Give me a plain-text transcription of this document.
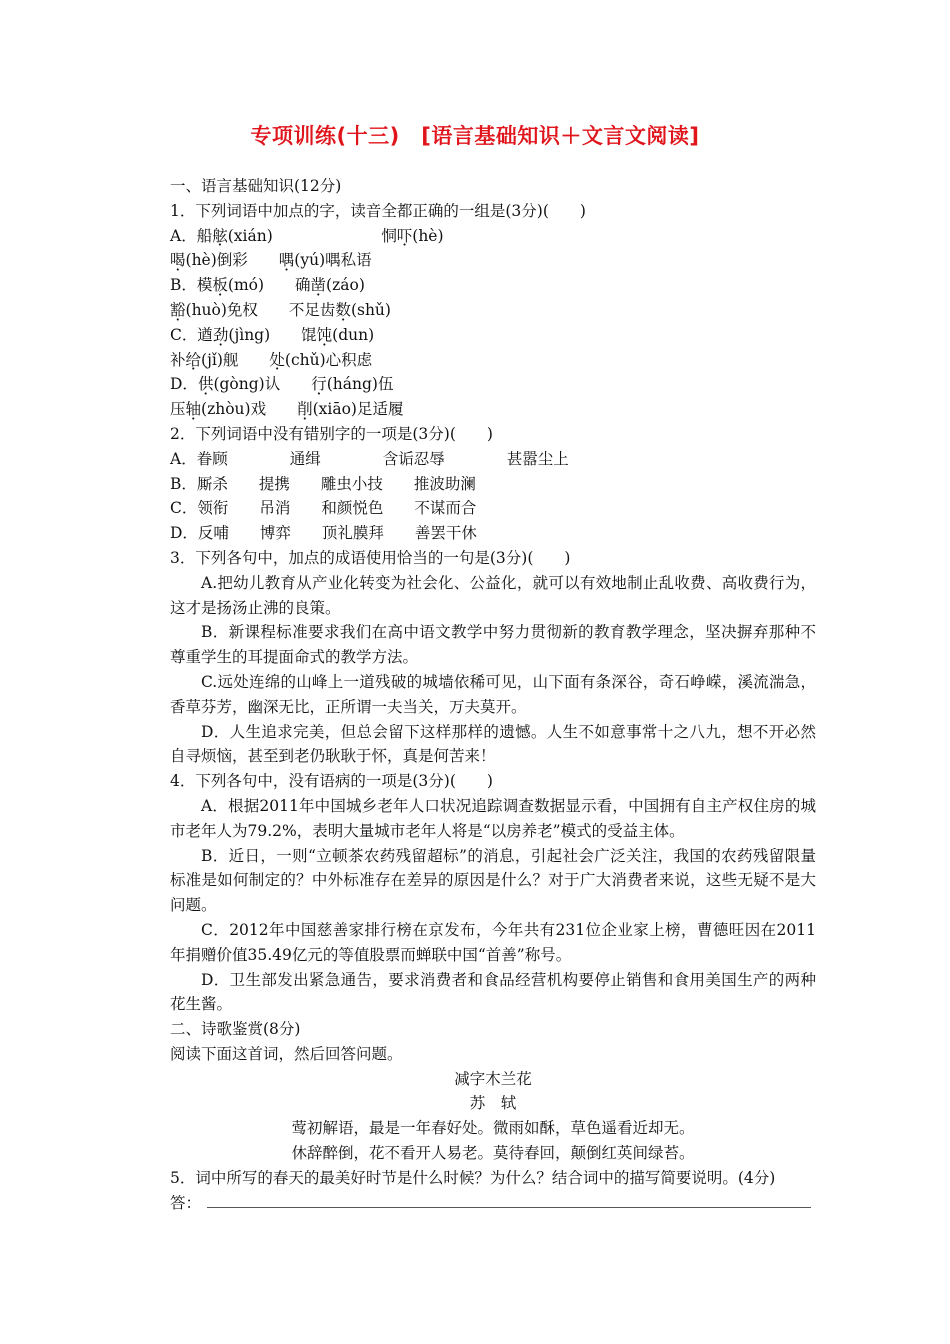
专项训练(十三)　[语言基础知识＋文言文阅读]
一、语言基础知识(12分)
1．下列词语中加点的字，读音全都正确的一组是(3分)(　　)
A．船舷(xián)　　　　　　　恫吓(hè)
喝(hè)倒彩　　喁(yú)喁私语
B．模板(mó)　　确凿(záo)
豁(huò)免权　　不足齿数(shǔ)
C．遒劲(jìng)　　馄饨(dun)
补给(jǐ)舰　　处(chǔ)心积虑
D．供(gòng)认　　行(háng)伍
压轴(zhòu)戏　　削(xiāo)足适履
2．下列词语中没有错别字的一项是(3分)(　　)
A．眷顾　　　　通缉　　　　含诟忍辱　　　　甚嚣尘上
B．厮杀　　提携　　雕虫小技　　推波助澜
C．领衔　　吊消　　和颜悦色　　不谋而合
D．反哺　　博弈　　顶礼膜拜　　善罢干休
3．下列各句中，加点的成语使用恰当的一句是(3分)(　　)
A.把幼儿教育从产业化转变为社会化、公益化，就可以有效地制止乱收费、高收费行为，这才是扬汤止沸的良策。
B．新课程标准要求我们在高中语文教学中努力贯彻新的教育教学理念，坚决摒弃那种不尊重学生的耳提面命式的教学方法。
C.远处连绵的山峰上一道残破的城墙依稀可见，山下面有条深谷，奇石峥嵘，溪流湍急，香草芬芳，幽深无比，正所谓一夫当关，万夫莫开。
D．人生追求完美，但总会留下这样那样的遗憾。人生不如意事常十之八九，想不开必然自寻烦恼，甚至到老仍耿耿于怀，真是何苦来！
4．下列各句中，没有语病的一项是(3分)(　　)
A．根据2011年中国城乡老年人口状况追踪调查数据显示看，中国拥有自主产权住房的城市老年人为79.2%，表明大量城市老年人将是“以房养老”模式的受益主体。
B．近日，一则“立顿茶农药残留超标”的消息，引起社会广泛关注，我国的农药残留限量标准是如何制定的？中外标准存在差异的原因是什么？对于广大消费者来说，这些无疑不是大问题。
C．2012年中国慈善家排行榜在京发布，今年共有231位企业家上榜，曹德旺因在2011年捐赠价值35.49亿元的等值股票而蝉联中国“首善”称号。
D．卫生部发出紧急通告，要求消费者和食品经营机构要停止销售和食用美国生产的两种花生酱。
二、诗歌鉴赏(8分)
阅读下面这首词，然后回答问题。
减字木兰花
苏　轼
莺初解语，最是一年春好处。微雨如酥，草色遥看近却无。
休辞醉倒，花不看开人易老。莫待春回，颠倒红英间绿苔。
5．词中所写的春天的最美好时节是什么时候？为什么？结合词中的描写简要说明。(4分)
答：
